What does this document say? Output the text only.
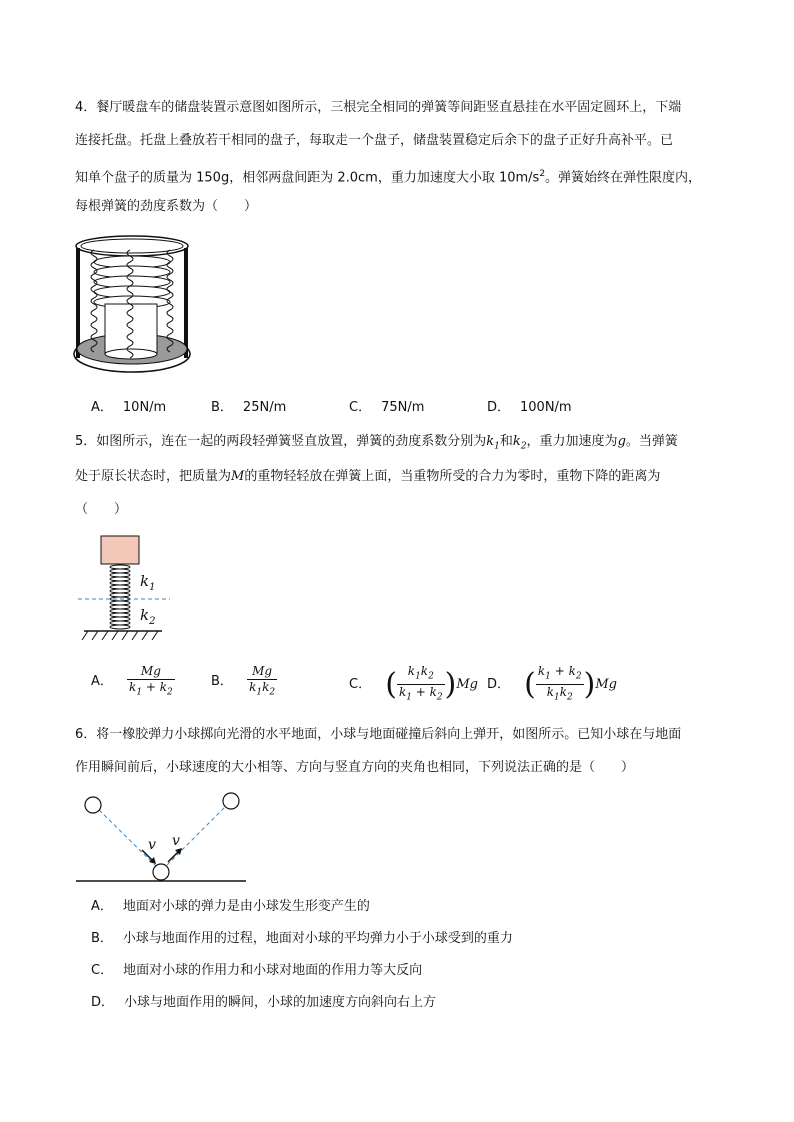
4．餐厅暖盘车的储盘装置示意图如图所示，三根完全相同的弹簧等间距竖直悬挂在水平固定圆环上，下端
连接托盘。托盘上叠放若干相同的盘子，每取走一个盘子，储盘装置稳定后余下的盘子正好升高补平。已
知单个盘子的质量为 150g，相邻两盘间距为 2.0cm，重力加速度大小取 $10m/s^2$。弹簧始终在弹性限度内，
每根弹簧的劲度系数为（　　）
A． 10N/m	B． 25N/m	C． 75N/m	D． 100N/m
5．如图所示，连在一起的两段轻弹簧竖直放置，弹簧的劲度系数分别为$k_1$和$k_2$，重力加速度为g。当弹簧
处于原长状态时，把质量为M的重物轻轻放在弹簧上面，当重物所受的合力为零时，重物下降的距离为
（　　）
$k_1$
$k_2$
A． $\frac{Mg}{k_1 + k_2}$	B． $\frac{Mg}{k_1k_2}$	C． ( $\frac{k_1k_2}{k_1 + k_2} )Mg$ D． ( $\frac{k_1 + k_2}{k_1k_2} )Mg$
6．将一橡胶弹力小球掷向光滑的水平地面，小球与地面碰撞后斜向上弹开，如图所示。已知小球在与地面
作用瞬间前后，小球速度的大小相等、方向与竖直方向的夹角也相同，下列说法正确的是（　　）
v v
A． 地面对小球的弹力是由小球发生形变产生的
B． 小球与地面作用的过程，地面对小球的平均弹力小于小球受到的重力
C． 地面对小球的作用力和小球对地面的作用力等大反向
D． 小球与地面作用的瞬间，小球的加速度方向斜向右上方
